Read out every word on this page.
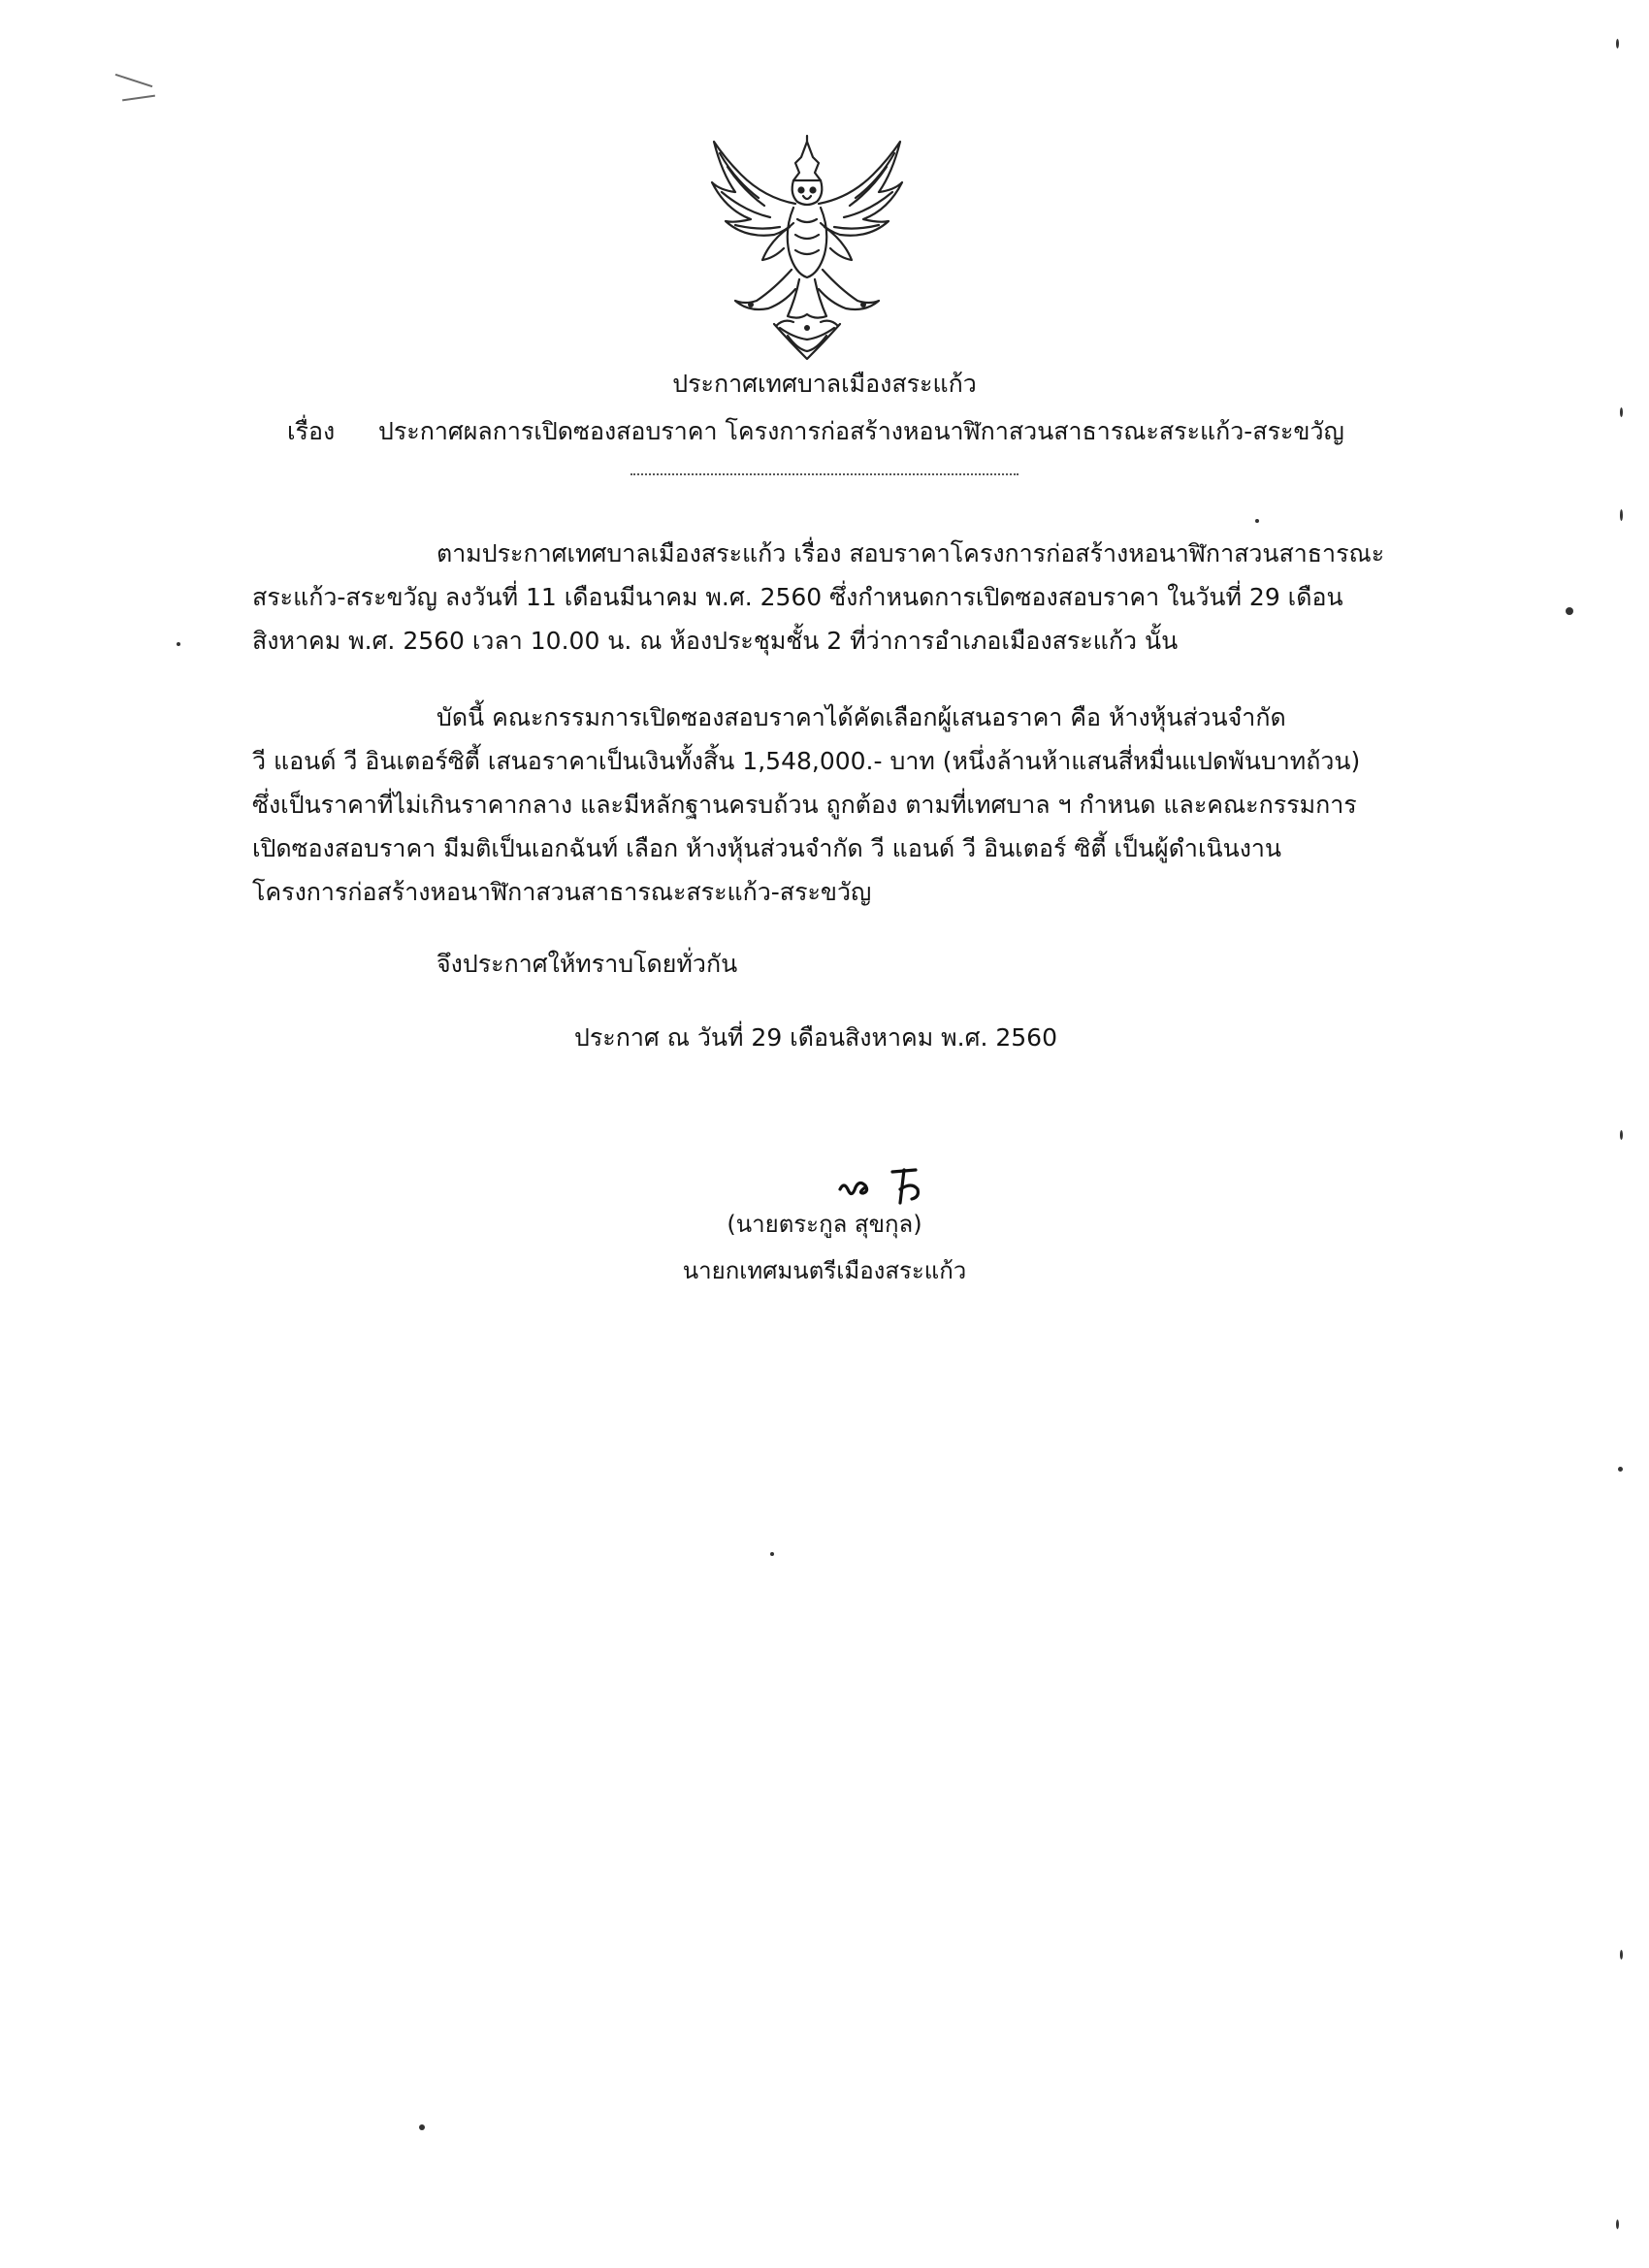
ประกาศเทศบาลเมืองสระแก้ว
เรื่อง ประกาศผลการเปิดซองสอบราคา โครงการก่อสร้างหอนาฬิกาสวนสาธารณะสระแก้ว-สระขวัญ
ตามประกาศเทศบาลเมืองสระแก้ว เรื่อง สอบราคาโครงการก่อสร้างหอนาฬิกาสวนสาธารณะ
สระแก้ว-สระขวัญ ลงวันที่ 11 เดือนมีนาคม พ.ศ. 2560 ซึ่งกำหนดการเปิดซองสอบราคา ในวันที่ 29 เดือน
สิงหาคม พ.ศ. 2560 เวลา 10.00 น. ณ ห้องประชุมชั้น 2 ที่ว่าการอำเภอเมืองสระแก้ว นั้น
บัดนี้ คณะกรรมการเปิดซองสอบราคาได้คัดเลือกผู้เสนอราคา คือ ห้างหุ้นส่วนจำกัด
วี แอนด์ วี อินเตอร์ซิตี้ เสนอราคาเป็นเงินทั้งสิ้น 1,548,000.- บาท (หนึ่งล้านห้าแสนสี่หมื่นแปดพันบาทถ้วน)
ซึ่งเป็นราคาที่ไม่เกินราคากลาง และมีหลักฐานครบถ้วน ถูกต้อง ตามที่เทศบาล ฯ กำหนด และคณะกรรมการ
เปิดซองสอบราคา มีมติเป็นเอกฉันท์ เลือก ห้างหุ้นส่วนจำกัด วี แอนด์ วี อินเตอร์ ซิตี้ เป็นผู้ดำเนินงาน
โครงการก่อสร้างหอนาฬิกาสวนสาธารณะสระแก้ว-สระขวัญ
จึงประกาศให้ทราบโดยทั่วกัน
ประกาศ ณ วันที่ 29 เดือนสิงหาคม พ.ศ. 2560
(นายตระกูล สุขกุล)
นายกเทศมนตรีเมืองสระแก้ว
